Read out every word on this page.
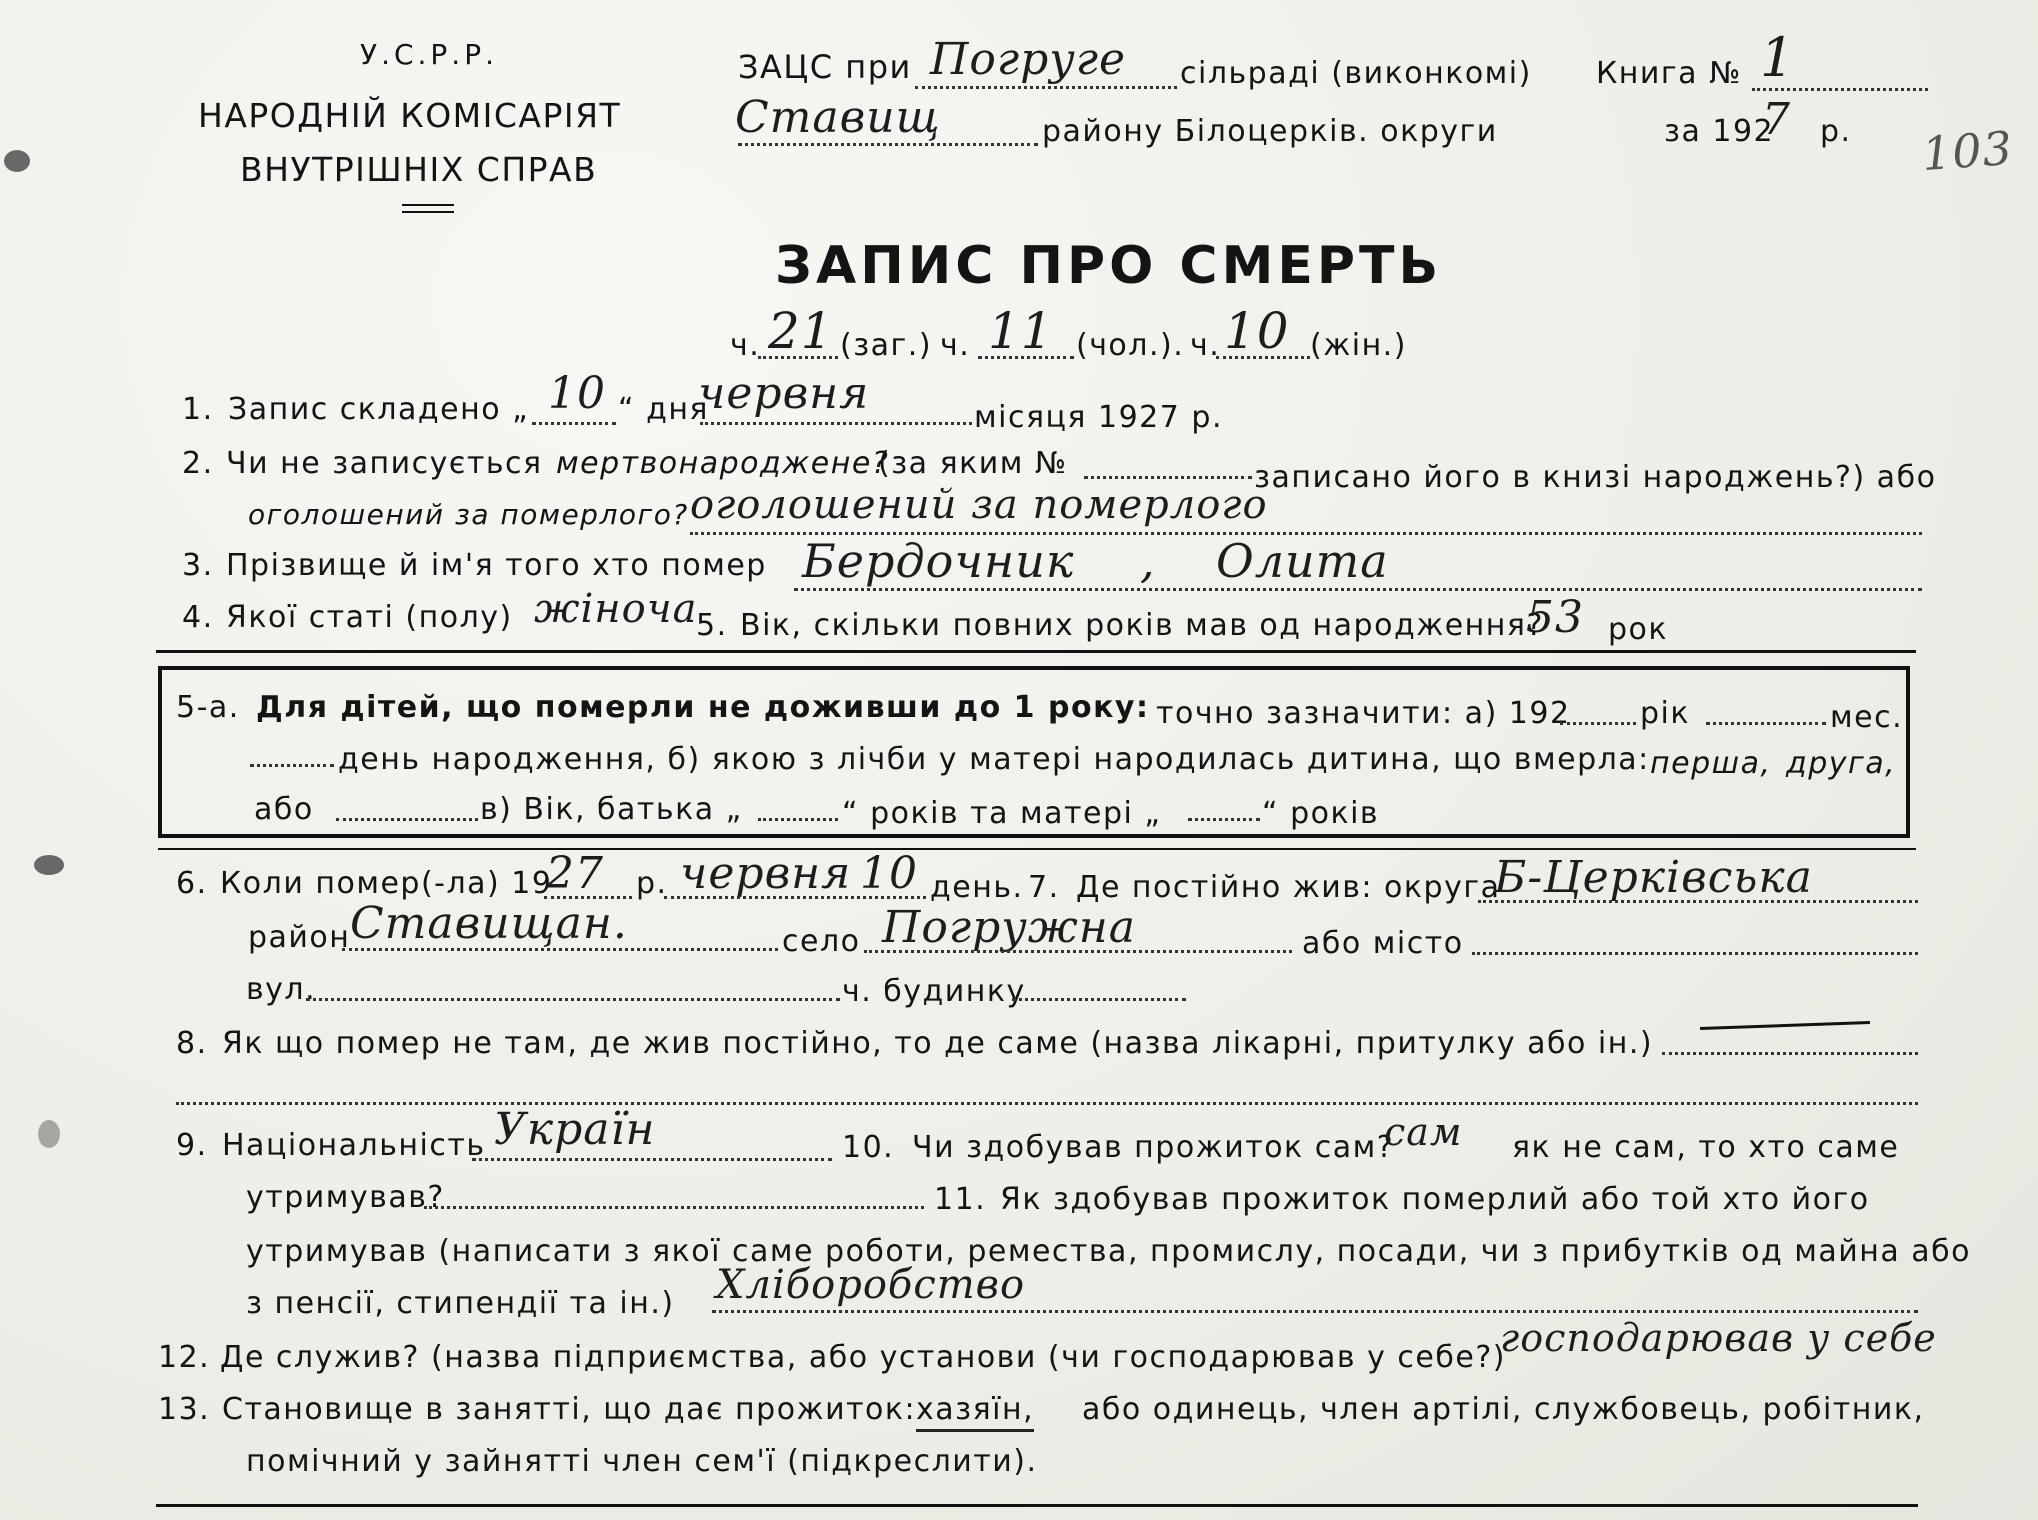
У.С.Р.Р.
НАРОДНІЙ КОМІСАРІЯТ
ВНУТРІШНІХ СПРАВ
ЗАЦС при Погруге сільраді (виконкомі)
Ставищ	району Білоцерків. округи
Книга № 1
за 192
7 р. 103
ЗАПИС ПРО СМЕРТЬ
ч. 21 (заг.) ч. 11 (чол.). ч. 10 (жін.)
1. Запис складено „ 10 “ дня
червня	місяця 1927 р.
2. Чи не записується мертвонароджене?
(за яким №	записано його в книзі народжень?) або
оголошений за померлого? оголошений за померлого
3. Прізвище й ім'я того хто помер Бердочник , Олита
4. Якої статі (полу) жіноча
5. Вік, скільки повних років мав од народження?
53 рок
5-а. Для дітей, що померли не доживши до 1 року: точно зазначити: а) 192 рік	мес.
день народження, б) якою з лічби у матері народилась дитина, що вмерла: перша, друга,
або	в) Вік, батька „	“ років та матері „	“ років
6. Коли помер(-ла) 19
27 р. червня 10 день. 7. Де постійно жив: округа
Б-Церківська
район Ставищан.	село Погружна	або місто
вул.	ч. будинку
8. Як що помер не там, де жив постійно, то де саме (назва лікарні, притулку або ін.)
9. Національність Україн	10. Чи здобував прожиток сам?
сам як не сам, то хто саме
утримував?	11. Як здобував прожиток померлий або той хто його
утримував (написати з якої саме роботи, ремества, промислу, посади, чи з прибутків од майна або
з пенсії, стипендії та ін.) Хліборобство
12. Де служив? (назва підприємства, або установи (чи господарював у себе?)
господарював у себе
13. Становище в занятті, що дає прожиток: хазяїн, або одинець, член артілі, службовець, робітник,
помічний у зайнятті член сем'ї (підкреслити).
